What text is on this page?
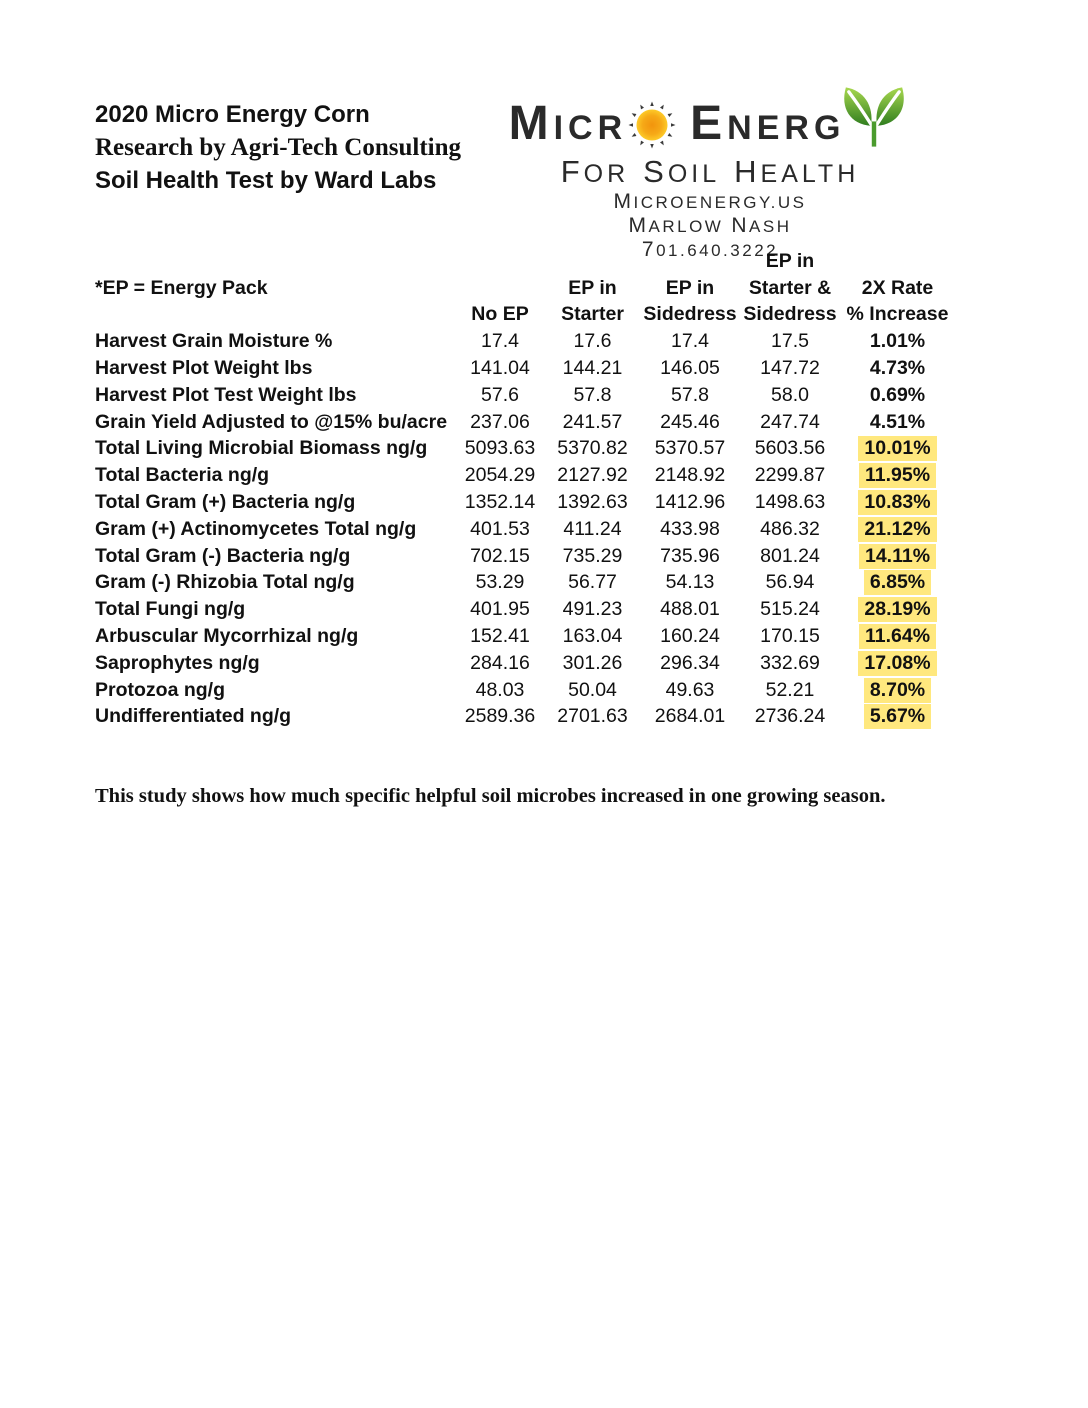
2020 Micro Energy Corn
Research by Agri-Tech Consulting
Soil Health Test by Ward Labs
MICR ENERG
FOR SOIL HEALTH
MICROENERGY.US
MARLOW NASH
701.640.3222
				EP in	
*EP = Energy Pack		EP in	EP in	Starter &	2X Rate
	No EP	Starter	Sidedress	Sidedress	% Increase
Harvest Grain Moisture %	17.4	17.6	17.4	17.5	1.01%
Harvest Plot Weight lbs	141.04	144.21	146.05	147.72	4.73%
Harvest Plot Test Weight lbs	57.6	57.8	57.8	58.0	0.69%
Grain Yield Adjusted to @15% bu/acre	237.06	241.57	245.46	247.74	4.51%
Total Living Microbial Biomass ng/g	5093.63	5370.82	5370.57	5603.56	10.01%
Total Bacteria ng/g	2054.29	2127.92	2148.92	2299.87	11.95%
Total Gram (+) Bacteria ng/g	1352.14	1392.63	1412.96	1498.63	10.83%
Gram (+) Actinomycetes Total ng/g	401.53	411.24	433.98	486.32	21.12%
Total Gram (-) Bacteria ng/g	702.15	735.29	735.96	801.24	14.11%
Gram (-) Rhizobia Total ng/g	53.29	56.77	54.13	56.94	6.85%
Total Fungi ng/g	401.95	491.23	488.01	515.24	28.19%
Arbuscular Mycorrhizal ng/g	152.41	163.04	160.24	170.15	11.64%
Saprophytes ng/g	284.16	301.26	296.34	332.69	17.08%
Protozoa ng/g	48.03	50.04	49.63	52.21	8.70%
Undifferentiated ng/g	2589.36	2701.63	2684.01	2736.24	5.67%
This study shows how much specific helpful soil microbes increased in one growing season.
